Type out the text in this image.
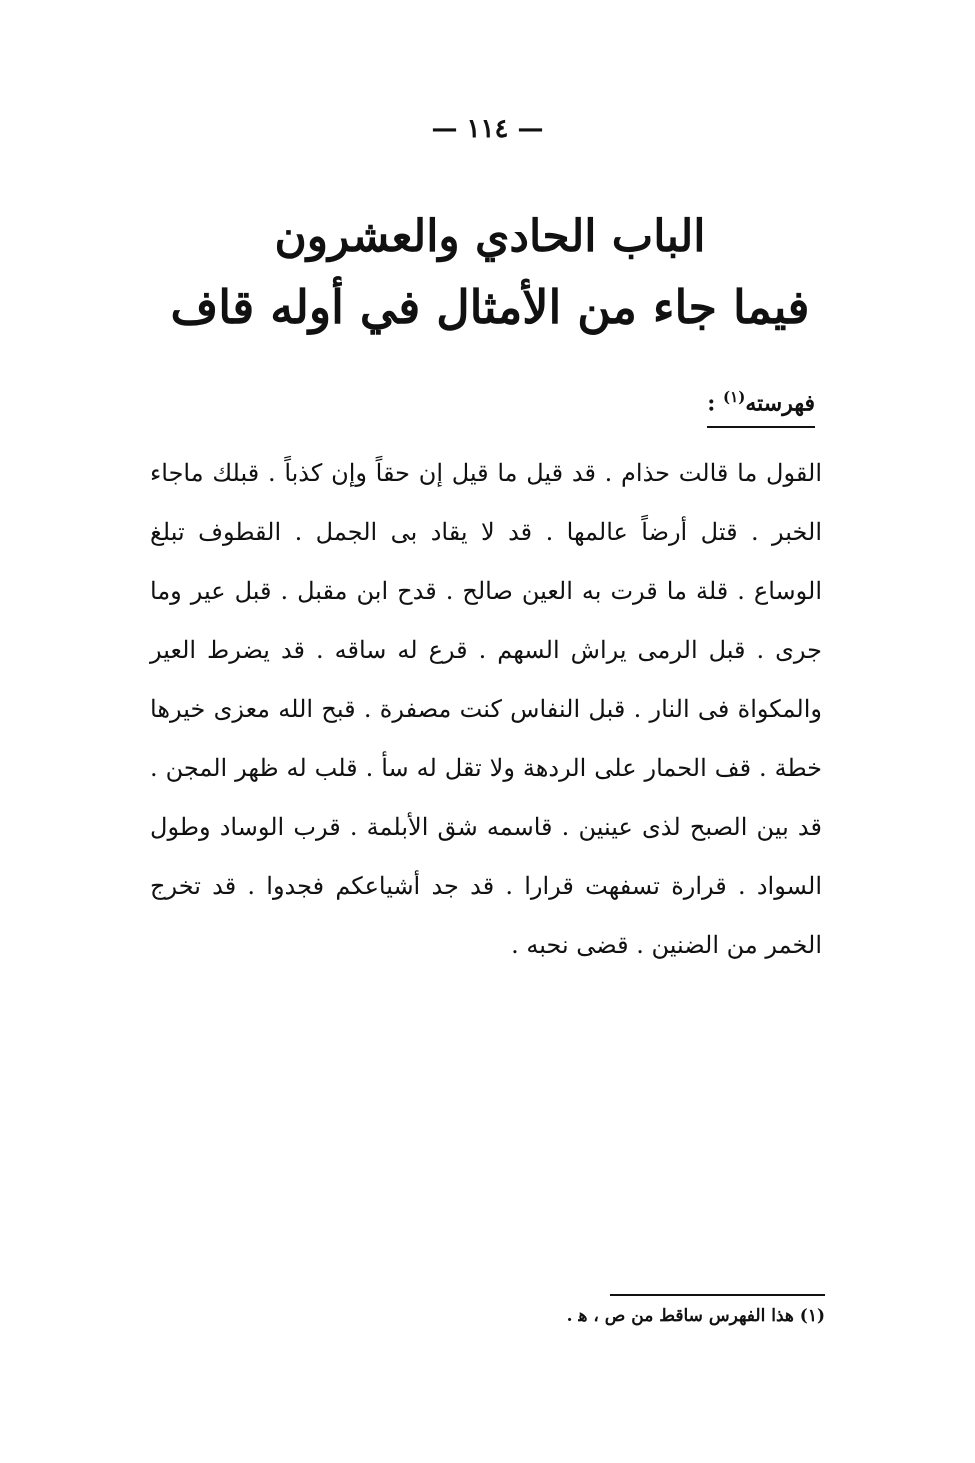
— ١١٤ —
الباب الحادي والعشرون
فيما جاء من الأمثال في أوله قاف
فهرسته$^{(١)}$ :
القول ما قالت حذام . قد قيل ما قيل إن حقاً وإن كذباً . قبلك ماجاء الخبر . قتل أرضاً عالمها . قد لا يقاد بى الجمل . القطوف تبلغ الوساع . قلة ما قرت به العين صالح . قدح ابن مقبل . قبل عير وما جرى . قبل الرمى يراش السهم . قرع له ساقه . قد يضرط العير والمكواة فى النار . قبل النفاس كنت مصفرة . قبح الله معزى خيرها خطة . قف الحمار على الردهة ولا تقل له سأ . قلب له ظهر المجن . قد بين الصبح لذى عينين . قاسمه شق الأبلمة . قرب الوساد وطول السواد . قرارة تسفهت قرارا . قد جد أشياعكم فجدوا . قد تخرج الخمر من الضنين . قضى نحبه .
(١) هذا الفهرس ساقط من ص ، ﻫ .
